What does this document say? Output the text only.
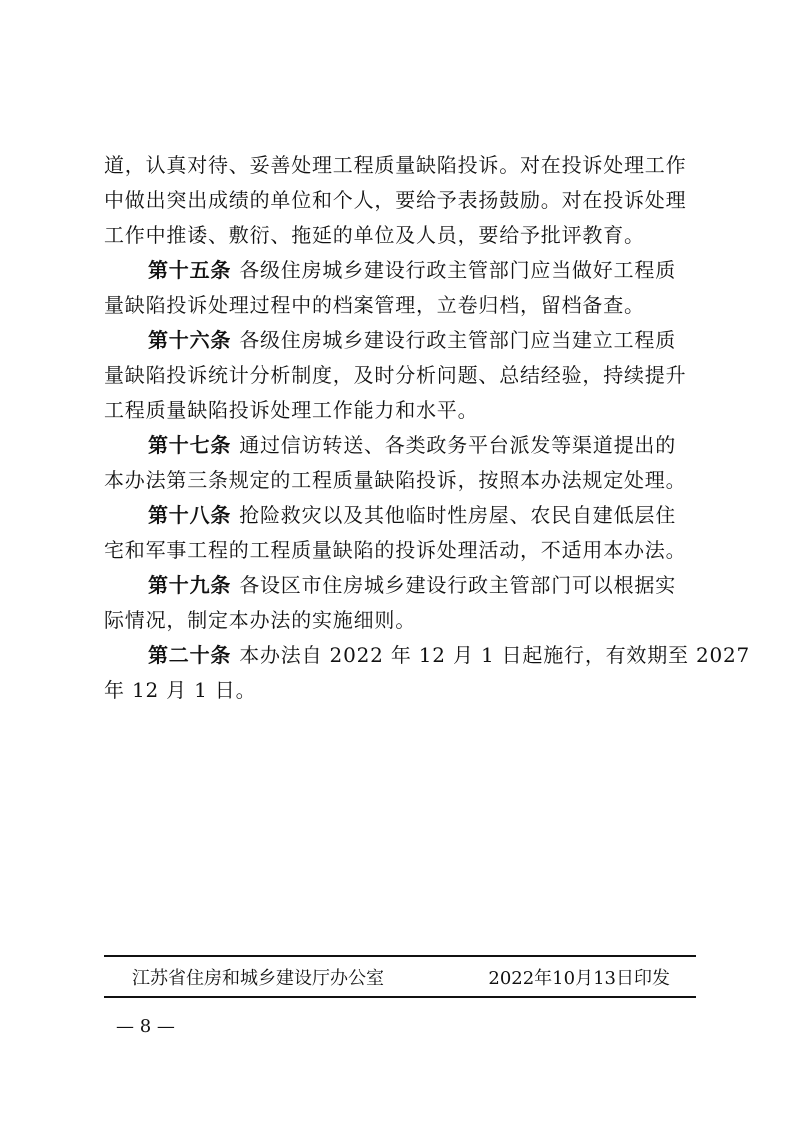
道，认真对待、妥善处理工程质量缺陷投诉。对在投诉处理工作
中做出突出成绩的单位和个人，要给予表扬鼓励。对在投诉处理
工作中推诿、敷衍、拖延的单位及人员，要给予批评教育。
第十五条 各级住房城乡建设行政主管部门应当做好工程质
量缺陷投诉处理过程中的档案管理，立卷归档，留档备查。
第十六条 各级住房城乡建设行政主管部门应当建立工程质
量缺陷投诉统计分析制度，及时分析问题、总结经验，持续提升
工程质量缺陷投诉处理工作能力和水平。
第十七条 通过信访转送、各类政务平台派发等渠道提出的
本办法第三条规定的工程质量缺陷投诉，按照本办法规定处理。
第十八条 抢险救灾以及其他临时性房屋、农民自建低层住
宅和军事工程的工程质量缺陷的投诉处理活动，不适用本办法。
第十九条 各设区市住房城乡建设行政主管部门可以根据实
际情况，制定本办法的实施细则。
第二十条 本办法自 2022 年 12 月 1 日起施行，有效期至 2027
年 12 月 1 日。
江苏省住房和城乡建设厅办公室	2022年10月13日印发
— 8 —
